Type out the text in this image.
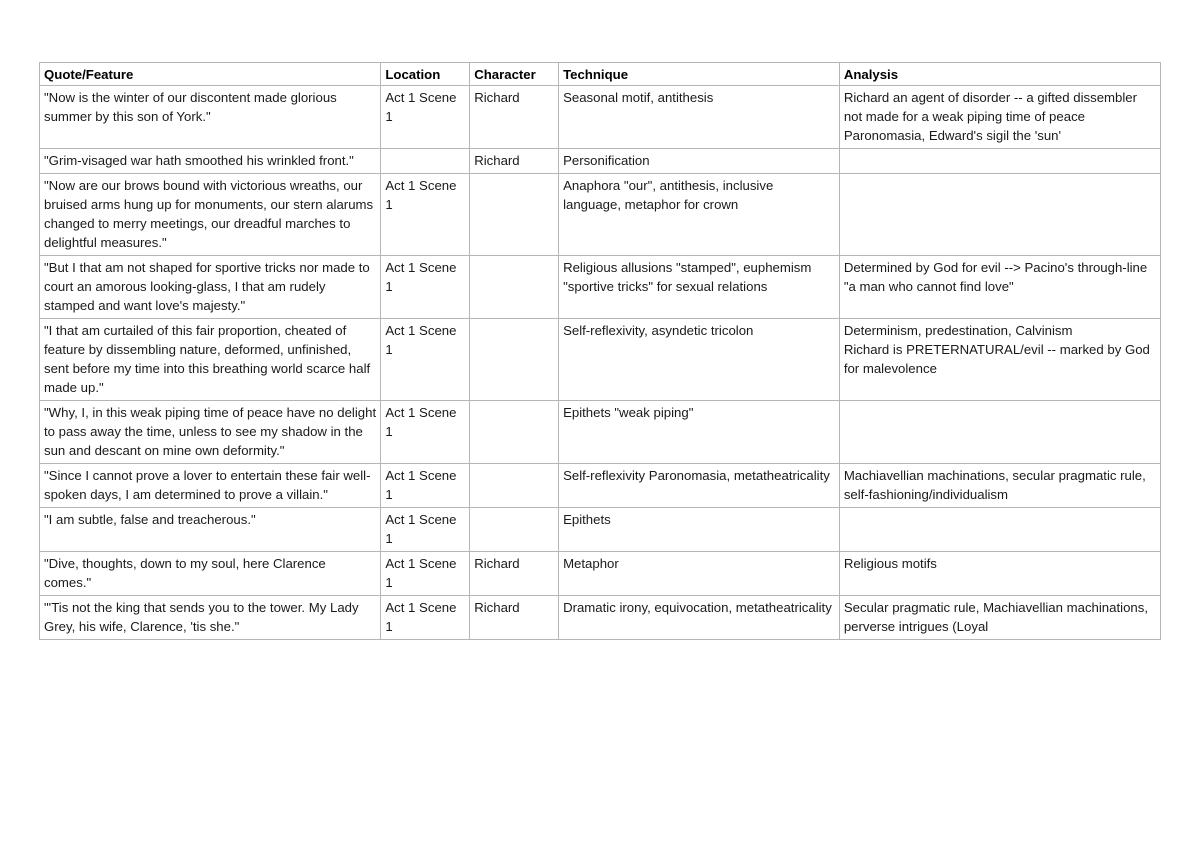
Quote/Feature	Location	Character	Technique	Analysis
"Now is the winter of our discontent made glorious summer by this son of York."	Act 1 Scene 1	Richard	Seasonal motif, antithesis	Richard an agent of disorder -- a gifted dissembler not made for a weak piping time of peace
Paronomasia, Edward's sigil the 'sun'
"Grim-visaged war hath smoothed his wrinkled front."		Richard	Personification	
"Now are our brows bound with victorious wreaths, our bruised arms hung up for monuments, our stern alarums changed to merry meetings, our dreadful marches to delightful measures."	Act 1 Scene 1		Anaphora "our", antithesis, inclusive language, metaphor for crown	
"But I that am not shaped for sportive tricks nor made to court an amorous looking-glass, I that am rudely stamped and want love's majesty."	Act 1 Scene 1		Religious allusions "stamped", euphemism "sportive tricks" for sexual relations	Determined by God for evil --> Pacino's through-line "a man who cannot find love"
"I that am curtailed of this fair proportion, cheated of feature by dissembling nature, deformed, unfinished, sent before my time into this breathing world scarce half made up."	Act 1 Scene 1		Self-reflexivity, asyndetic tricolon	Determinism, predestination, Calvinism
Richard is PRETERNATURAL/evil -- marked by God for malevolence
"Why, I, in this weak piping time of peace have no delight to pass away the time, unless to see my shadow in the sun and descant on mine own deformity."	Act 1 Scene 1		Epithets "weak piping"	
"Since I cannot prove a lover to entertain these fair well-spoken days, I am determined to prove a villain."	Act 1 Scene 1		Self-reflexivity Paronomasia, metatheatricality	Machiavellian machinations, secular pragmatic rule, self-fashioning/individualism
"I am subtle, false and treacherous."	Act 1 Scene 1		Epithets	
"Dive, thoughts, down to my soul, here Clarence comes."	Act 1 Scene 1	Richard	Metaphor	Religious motifs
"'Tis not the king that sends you to the tower. My Lady Grey, his wife, Clarence, 'tis she."	Act 1 Scene 1	Richard	Dramatic irony, equivocation, metatheatricality	Secular pragmatic rule, Machiavellian machinations, perverse intrigues (Loyal
